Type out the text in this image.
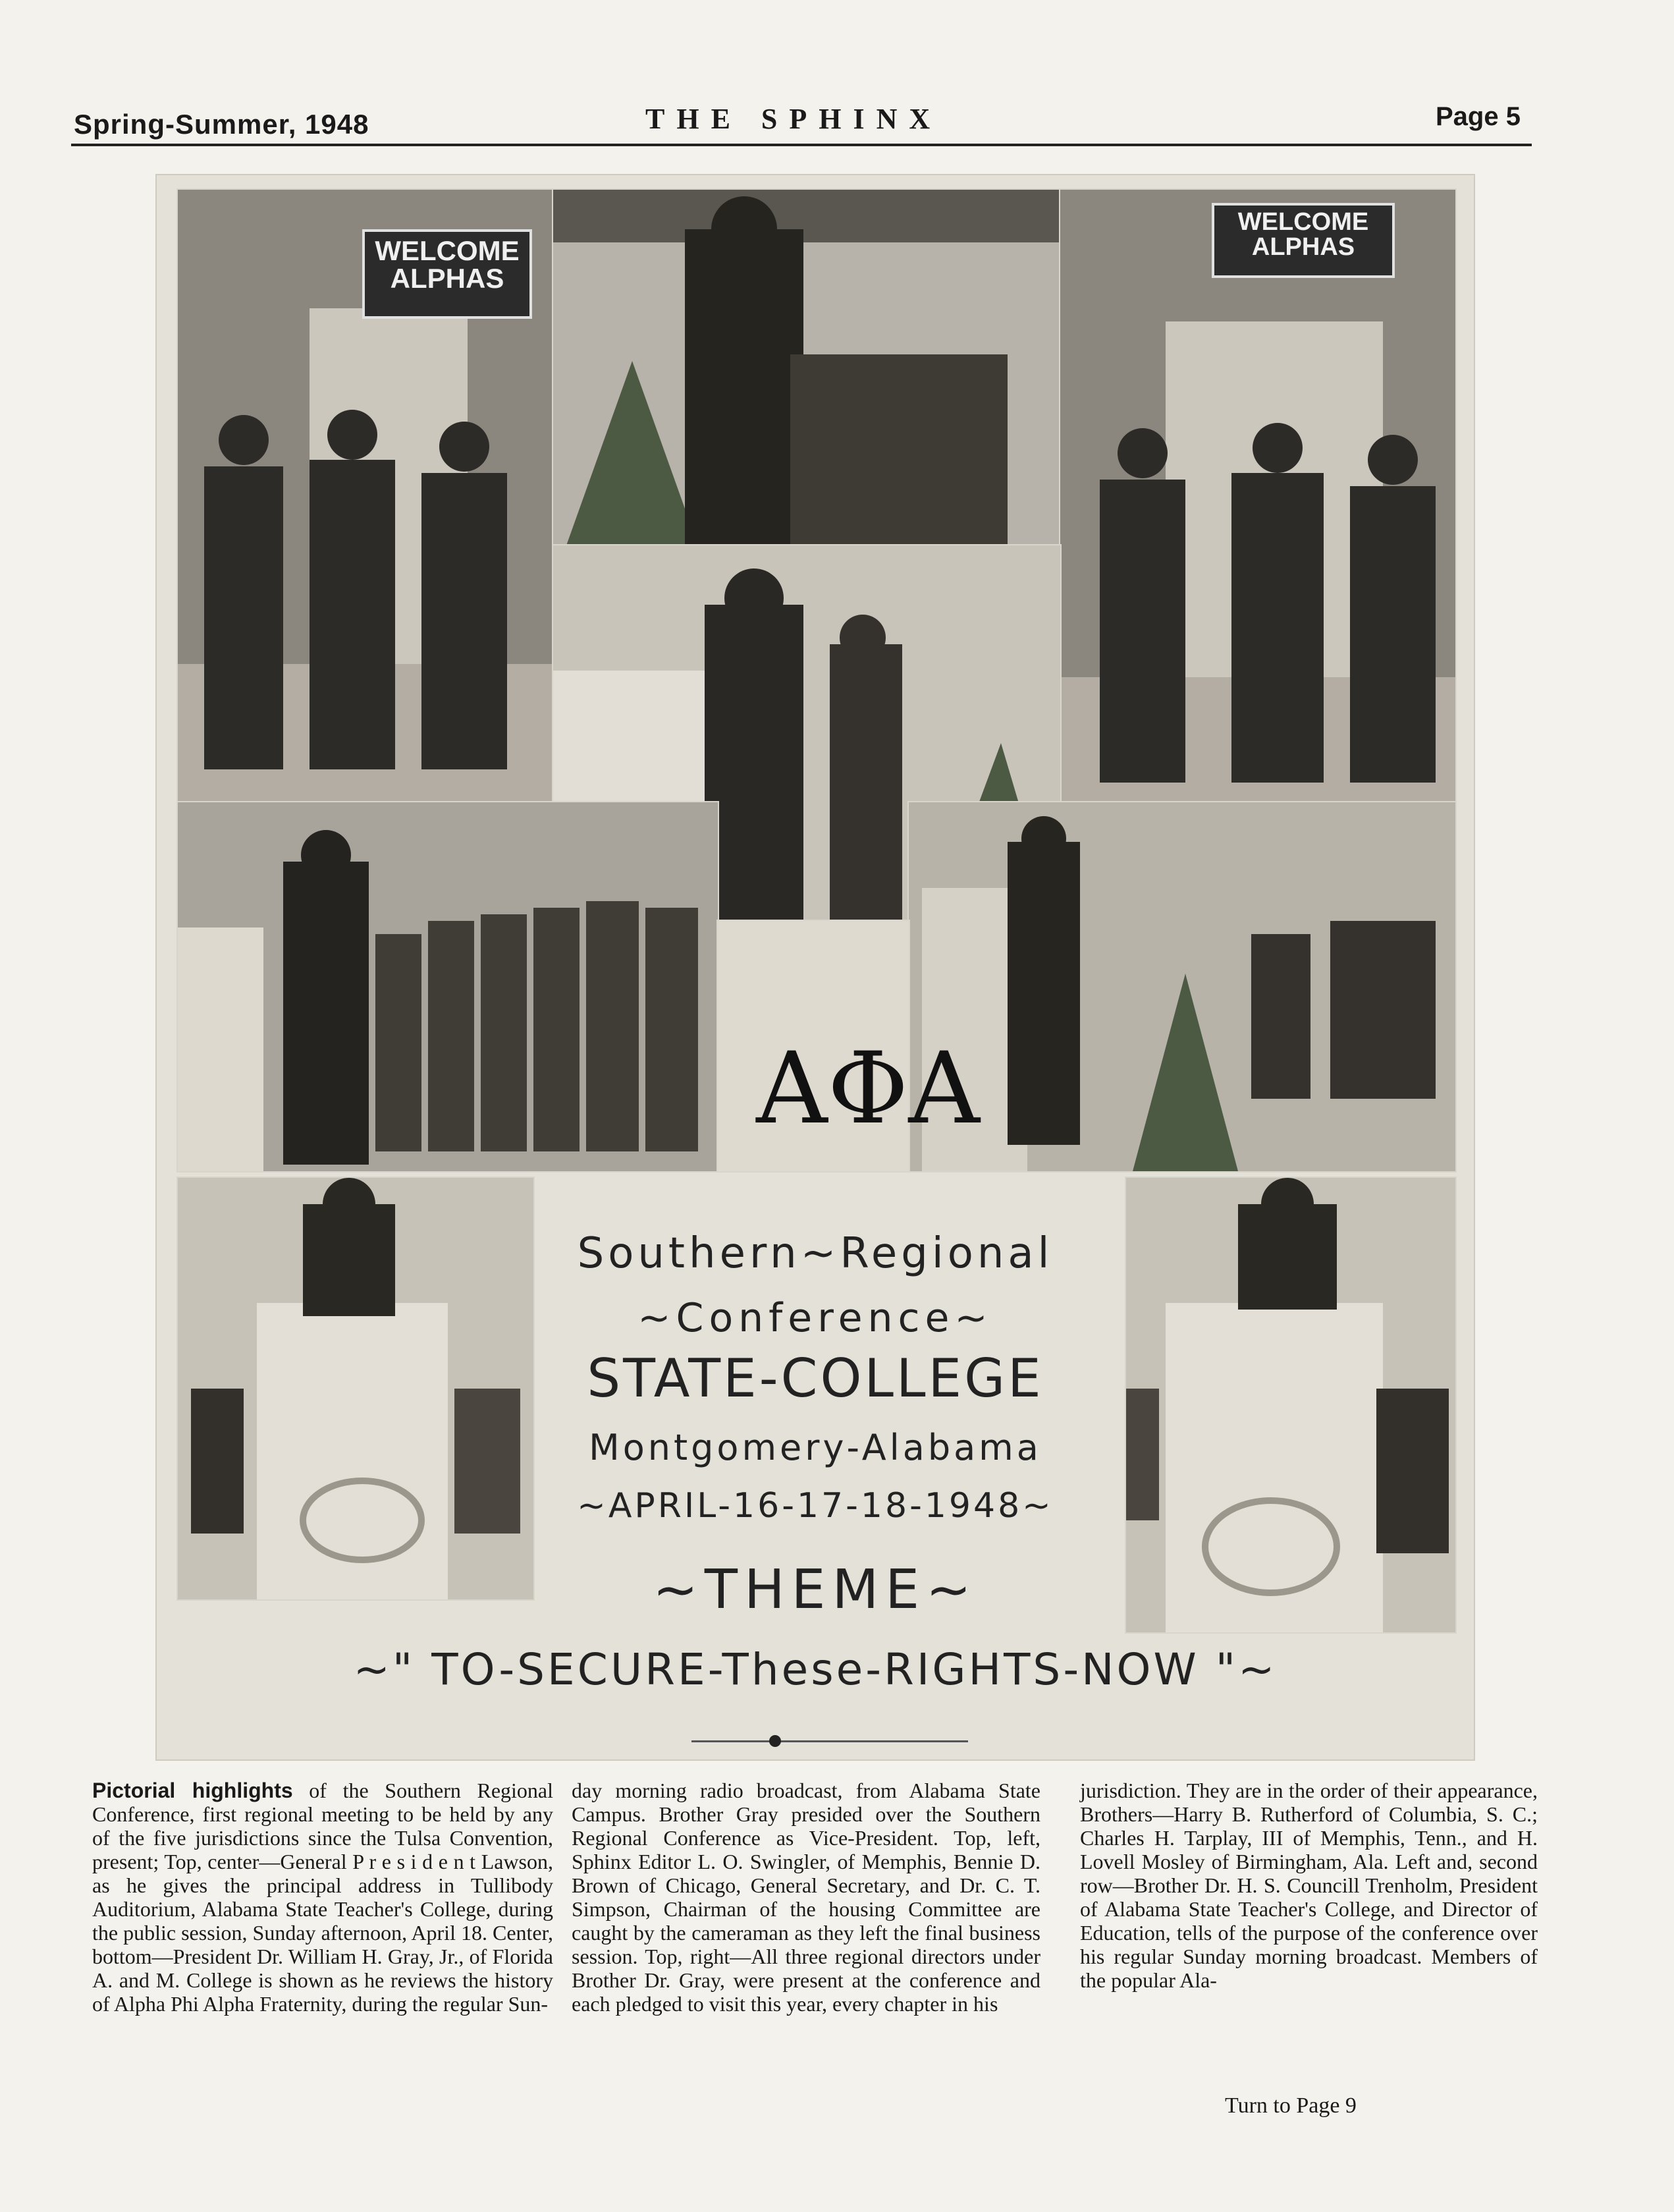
Spring-Summer, 1948	THE SPHINX	Page 5
WELCOME
ALPHAS
WELCOME
ALPHAS
ΑΦΑ
Southern~Regional
~Conference~
STATE-COLLEGE
Montgomery-Alabama
~APRIL-16-17-18-1948~
~THEME~
~" TO-SECURE-These-RIGHTS-NOW "~
Pictorial highlights of the Southern Regional Conference, first regional meeting to be held by any of the five jurisdictions since the Tulsa Convention, present; Top, center—General P r e s i d e n t Lawson, as he gives the principal address in Tullibody Auditorium, Alabama State Teacher's College, during the public session, Sunday afternoon, April 18. Center, bottom—President Dr. William H. Gray, Jr., of Florida A. and M. College is shown as he reviews the history of Alpha Phi Alpha Fraternity, during the regular Sun-
day morning radio broadcast, from Alabama State Campus. Brother Gray presided over the Southern Regional Conference as Vice-President. Top, left, Sphinx Editor L. O. Swingler, of Memphis, Bennie D. Brown of Chicago, General Secretary, and Dr. C. T. Simpson, Chairman of the housing Committee are caught by the cameraman as they left the final business session. Top, right—All three regional directors under Brother Dr. Gray, were present at the conference and each pledged to visit this year, every chapter in his
jurisdiction. They are in the order of their appearance, Brothers—Harry B. Rutherford of Columbia, S. C.; Charles H. Tarplay, III of Memphis, Tenn., and H. Lovell Mosley of Birmingham, Ala. Left and, second row—Brother Dr. H. S. Councill Trenholm, President of Alabama State Teacher's College, and Director of Education, tells of the purpose of the conference over his regular Sunday morning broadcast. Members of the popular Ala-
Turn to Page 9
